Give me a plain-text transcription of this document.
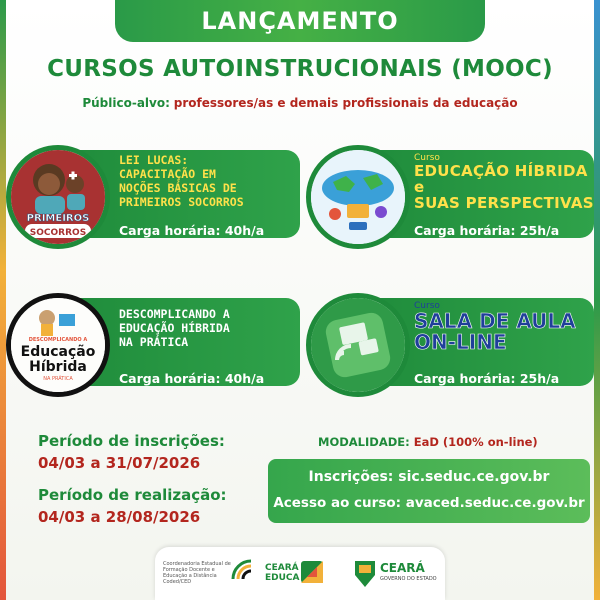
LANÇAMENTO
CURSOS AUTOINSTRUCIONAIS (MOOC)
Público-alvo: professores/as e demais profissionais da educação
PRIMEIROS
SOCORROS
LEI LUCAS:
CAPACITAÇÃO EM
NOÇÕES BÁSICAS DE
PRIMEIROS SOCORROS
Carga horária: 40h/a
Curso
EDUCAÇÃO HÍBRIDA e
SUAS PERSPECTIVAS
Carga horária: 25h/a
DESCOMPLICANDO A
Educação
Híbrida
NA PRÁTICA
DESCOMPLICANDO A
EDUCAÇÃO HÍBRIDA
NA PRÁTICA
Carga horária: 40h/a
Curso
SALA DE AULA
ON-LINE
Carga horária: 25h/a
Período de inscrições:
04/03 a 31/07/2026
Período de realização:
04/03 a 28/08/2026
MODALIDADE: EaD (100% on-line)
Inscrições: sic.seduc.ce.gov.br
Acesso ao curso: avaced.seduc.ce.gov.br
Coordenadoria Estadual de Formação Docente e Educação a Distância Coded/CED
CEARÁ
EDUCA
CEARÁ
GOVERNO DO ESTADO
